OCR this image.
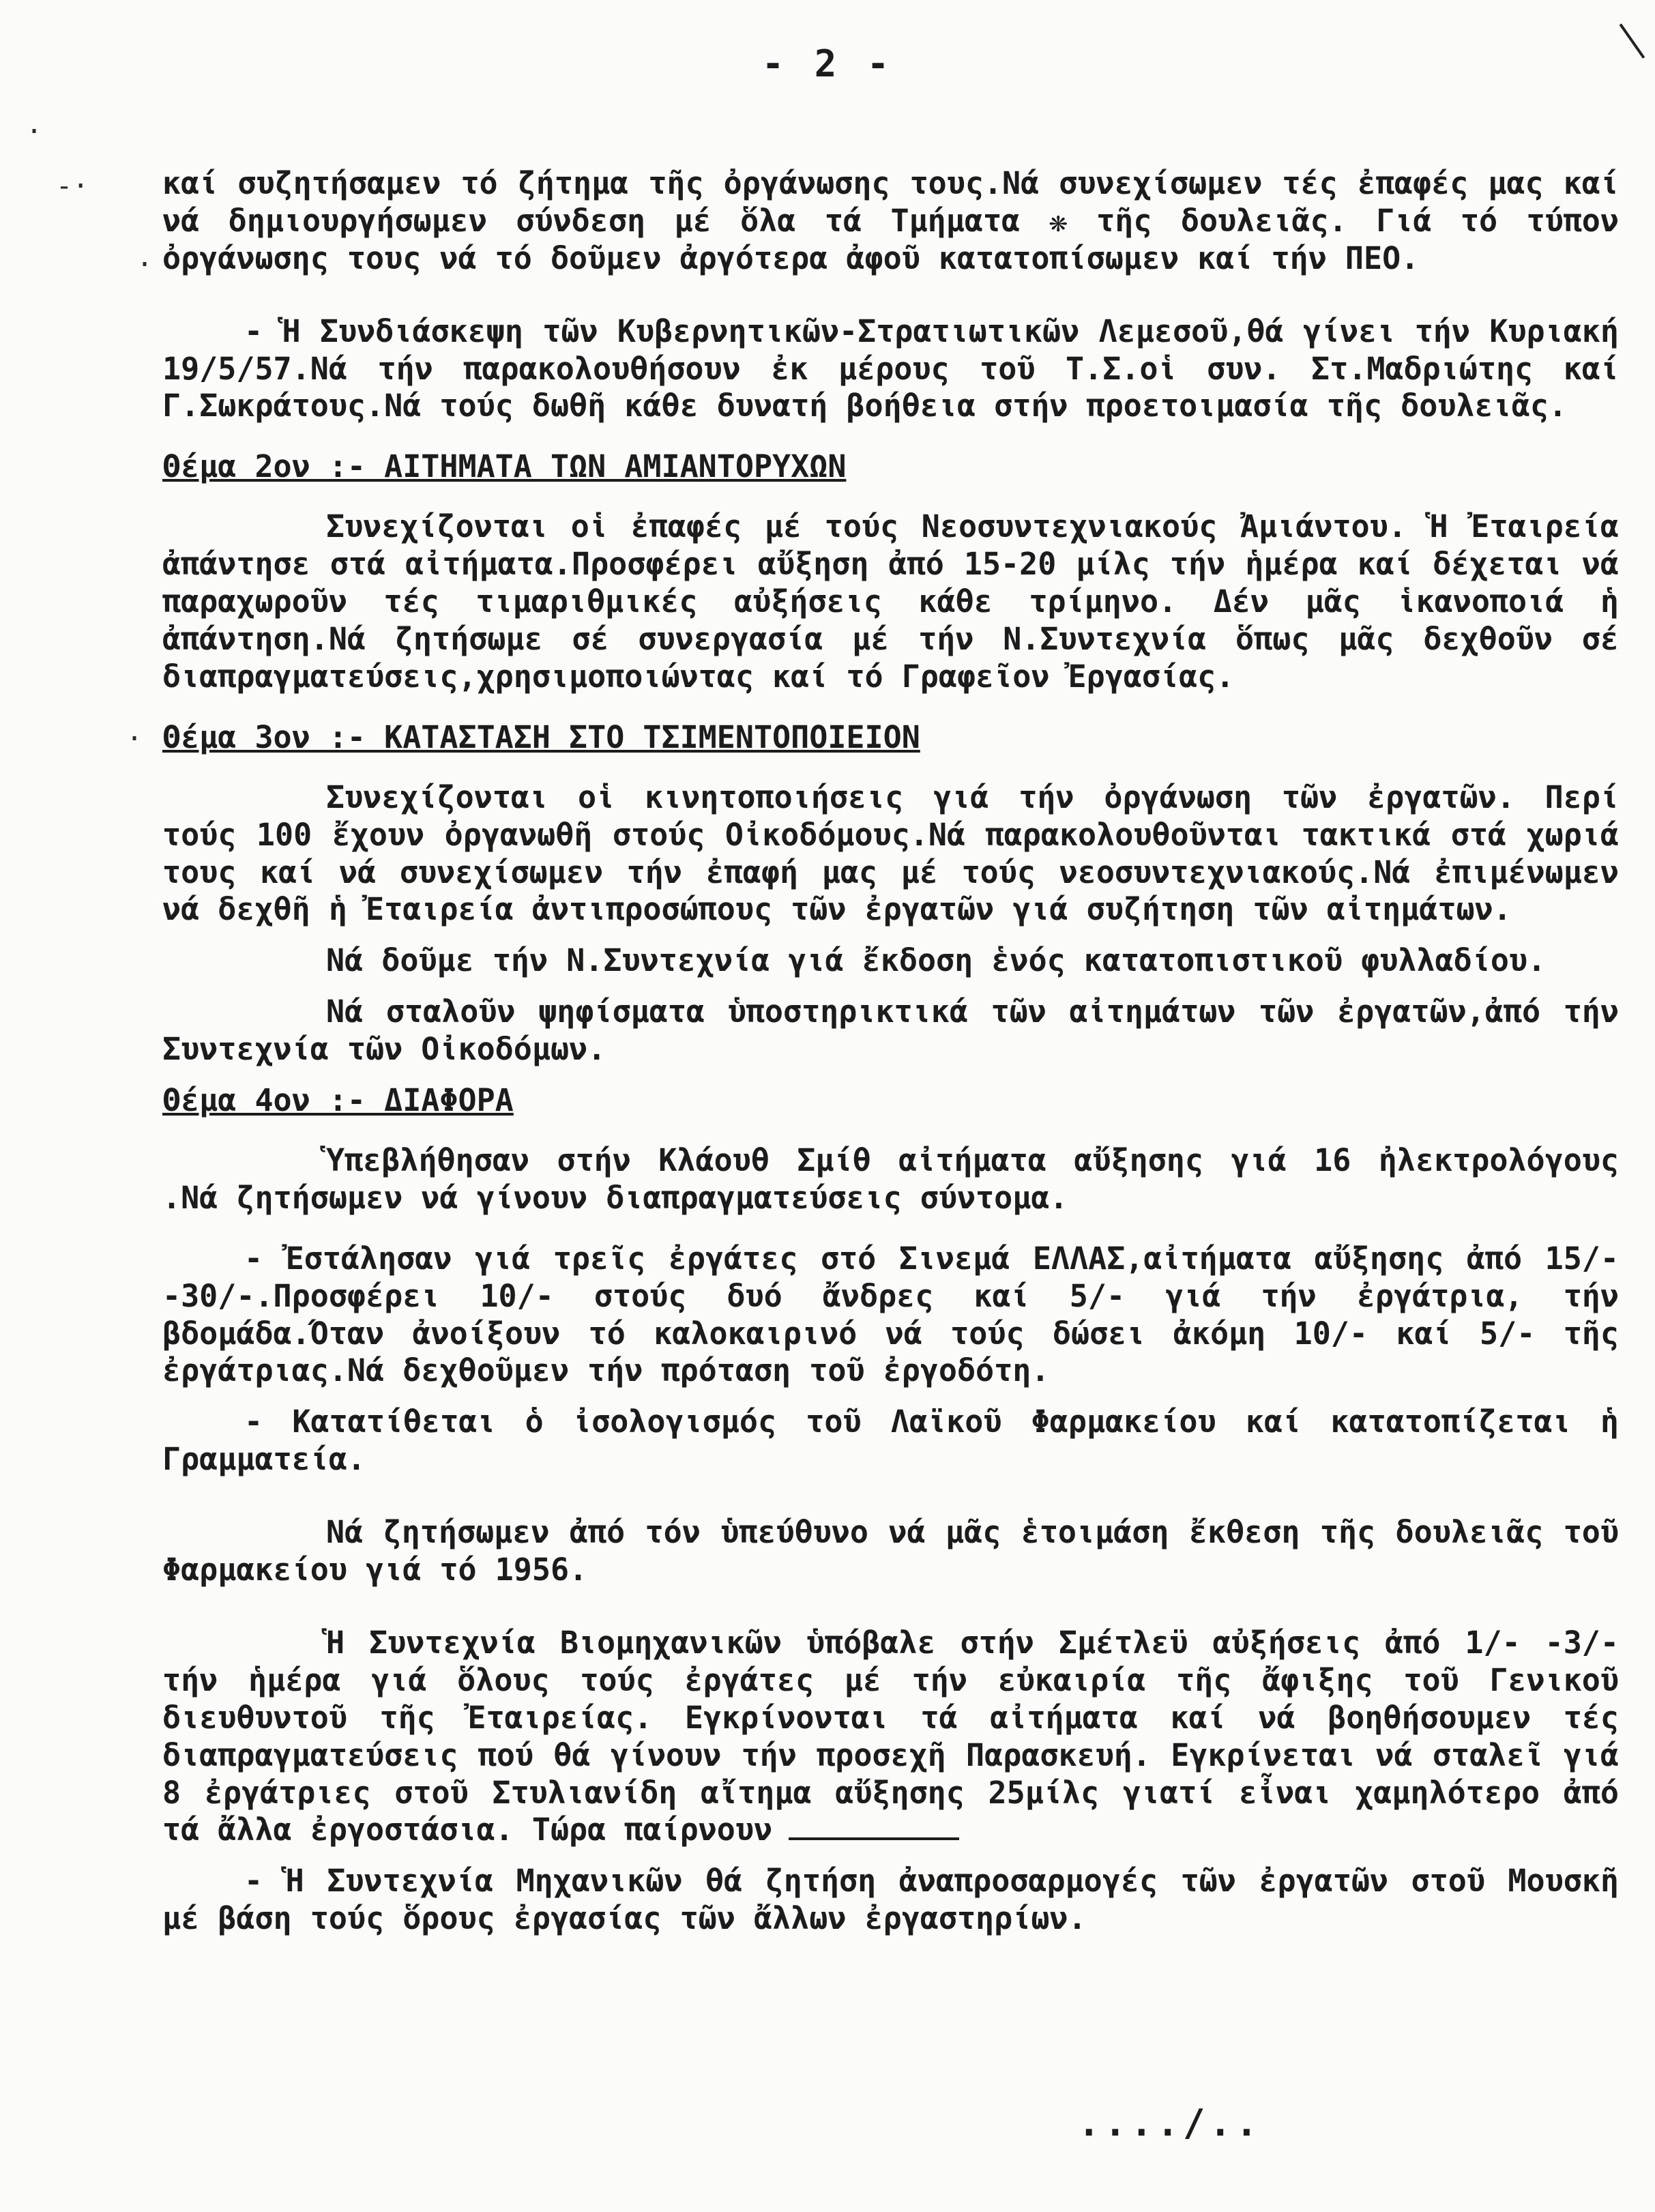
·
-·
·
·
- 2 -

καί συζητήσαμεν τό ζήτημα τῆς ὀργάνωσης τους.Νά συνεχίσωμεν τές ἐπαφές μας καί νά δημιουργήσωμεν σύνδεση μέ ὅλα τά Τμήματα ❋ τῆς δουλειᾶς. Γιά τό τύπον ὀργάνωσης τους νά τό δοῦμεν ἀργότερα ἀφοῦ κατατοπίσωμεν καί τήν ΠΕΟ.

- Ἡ Συνδιάσκεψη τῶν Κυβερνητικῶν-Στρατιωτικῶν Λεμεσοῦ,θά γίνει τήν Κυριακή 19/5/57.Νά τήν παρακολουθήσουν ἐκ μέρους τοῦ Τ.Σ.οἱ συν. Στ.Μαδριώτης καί Γ.Σωκράτους.Νά τούς δωθῆ κάθε δυνατή βοήθεια στήν προετοιμασία τῆς δουλειᾶς.

Θέμα 2ον :- ΑΙΤΗΜΑΤΑ ΤΩΝ ΑΜΙΑΝΤΟΡΥΧΩΝ

Συνεχίζονται οἱ ἐπαφές μέ τούς Νεοσυντεχνιακούς Ἀμιάντου. Ἡ Ἐταιρεία ἀπάντησε στά αἰτήματα.Προσφέρει αὔξηση ἀπό 15-20 μίλς τήν ἡμέρα καί δέχεται νά παραχωροῦν τές τιμαριθμικές αὐξήσεις κάθε τρίμηνο. Δέν μᾶς ἱκανοποιά ἡ ἀπάντηση.Νά ζητήσωμε σέ συνεργασία μέ τήν Ν.Συντεχνία ὅπως μᾶς δεχθοῦν σέ διαπραγματεύσεις,χρησιμοποιώντας καί τό Γραφεῖον Ἐργασίας.

Θέμα 3ον :- ΚΑΤΑΣΤΑΣΗ ΣΤΟ ΤΣΙΜΕΝΤΟΠΟΙΕΙΟΝ

Συνεχίζονται οἱ κινητοποιήσεις γιά τήν ὀργάνωση τῶν ἐργατῶν. Περί τούς 100 ἔχουν ὀργανωθῆ στούς Οἰκοδόμους.Νά παρακολουθοῦνται τακτικά στά χωριά τους καί νά συνεχίσωμεν τήν ἐπαφή μας μέ τούς νεοσυντεχνιακούς.Νά ἐπιμένωμεν νά δεχθῆ ἡ Ἐταιρεία ἀντιπροσώπους τῶν ἐργατῶν γιά συζήτηση τῶν αἰτημάτων.

Νά δοῦμε τήν Ν.Συντεχνία γιά ἔκδοση ἑνός κατατοπιστικοῦ φυλλαδίου.

Νά σταλοῦν ψηφίσματα ὑποστηρικτικά τῶν αἰτημάτων τῶν ἐργατῶν,ἀπό τήν Συντεχνία τῶν Οἰκοδόμων.

Θέμα 4ον :- ΔΙΑΦΟΡΑ

Ὑπεβλήθησαν στήν Κλάουθ Σμίθ αἰτήματα αὔξησης γιά 16 ἠλεκτρολόγους .Νά ζητήσωμεν νά γίνουν διαπραγματεύσεις σύντομα.

- Ἐστάλησαν γιά τρεῖς ἐργάτες στό Σινεμά ΕΛΛΑΣ,αἰτήματα αὔξησης ἀπό 15/- -30/-.Προσφέρει 10/- στούς δυό ἄνδρες καί 5/- γιά τήν ἐργάτρια, τήν βδομάδα.Όταν ἀνοίξουν τό καλοκαιρινό νά τούς δώσει ἀκόμη 10/- καί 5/- τῆς ἐργάτριας.Νά δεχθοῦμεν τήν πρόταση τοῦ ἐργοδότη.

- Κατατίθεται ὁ ἰσολογισμός τοῦ Λαϊκοῦ Φαρμακείου καί κατατοπίζεται ἡ Γραμματεία.

Νά ζητήσωμεν ἀπό τόν ὑπεύθυνο νά μᾶς ἑτοιμάση ἔκθεση τῆς δουλειᾶς τοῦ Φαρμακείου γιά τό 1956.

Ἡ Συντεχνία Βιομηχανικῶν ὑπόβαλε στήν Σμέτλεϋ αὐξήσεις ἀπό 1/- -3/- τήν ἡμέρα γιά ὅλους τούς ἐργάτες μέ τήν εὐκαιρία τῆς ἄφιξης τοῦ Γενικοῦ διευθυντοῦ τῆς Ἐταιρείας. Εγκρίνονται τά αἰτήματα καί νά βοηθήσουμεν τές διαπραγματεύσεις πού θά γίνουν τήν προσεχῆ Παρασκευή. Εγκρίνεται νά σταλεῖ γιά 8 ἐργάτριες στοῦ Στυλιανίδη αἴτημα αὔξησης 25μίλς γιατί εἶναι χαμηλότερο ἀπό τά ἄλλα ἐργοστάσια. Τώρα παίρνουν

- Ἡ Συντεχνία Μηχανικῶν θά ζητήση ἀναπροσαρμογές τῶν ἐργατῶν στοῦ Μουσκῆ μέ βάση τούς ὅρους ἐργασίας τῶν ἄλλων ἐργαστηρίων.

..../..
